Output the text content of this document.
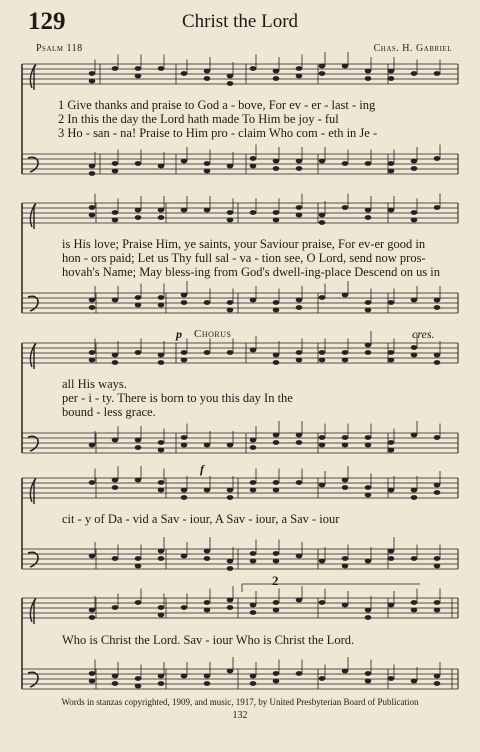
129	Christ the Lord
Psalm 118	Chas. H. Gabriel
1 Give thanks and praise to God a - bove, For ev - er - last - ing
2 In this the day the Lord hath made To Him be joy - ful
3 Ho - san - na! Praise to Him pro - claim Who com - eth in Je -
is His love; Praise Him, ye saints, your Saviour praise, For ev-er good in
hon - ors paid; Let us Thy full sal - va - tion see, O Lord, send now pros-
hovah's Name; May bless-ing from God's dwell-ing-place Descend on us in
p Chorus	cres.
all His ways.
per - i - ty. There is born to you this day In the
bound - less grace.
f
cit - y of Da - vid a Sav - iour, A Sav - iour, a Sav - iour
2
Who is Christ the Lord. Sav - iour Who is Christ the Lord.
Words in stanzas copyrighted, 1909, and music, 1917, by United Presbyterian Board of Publication
132
